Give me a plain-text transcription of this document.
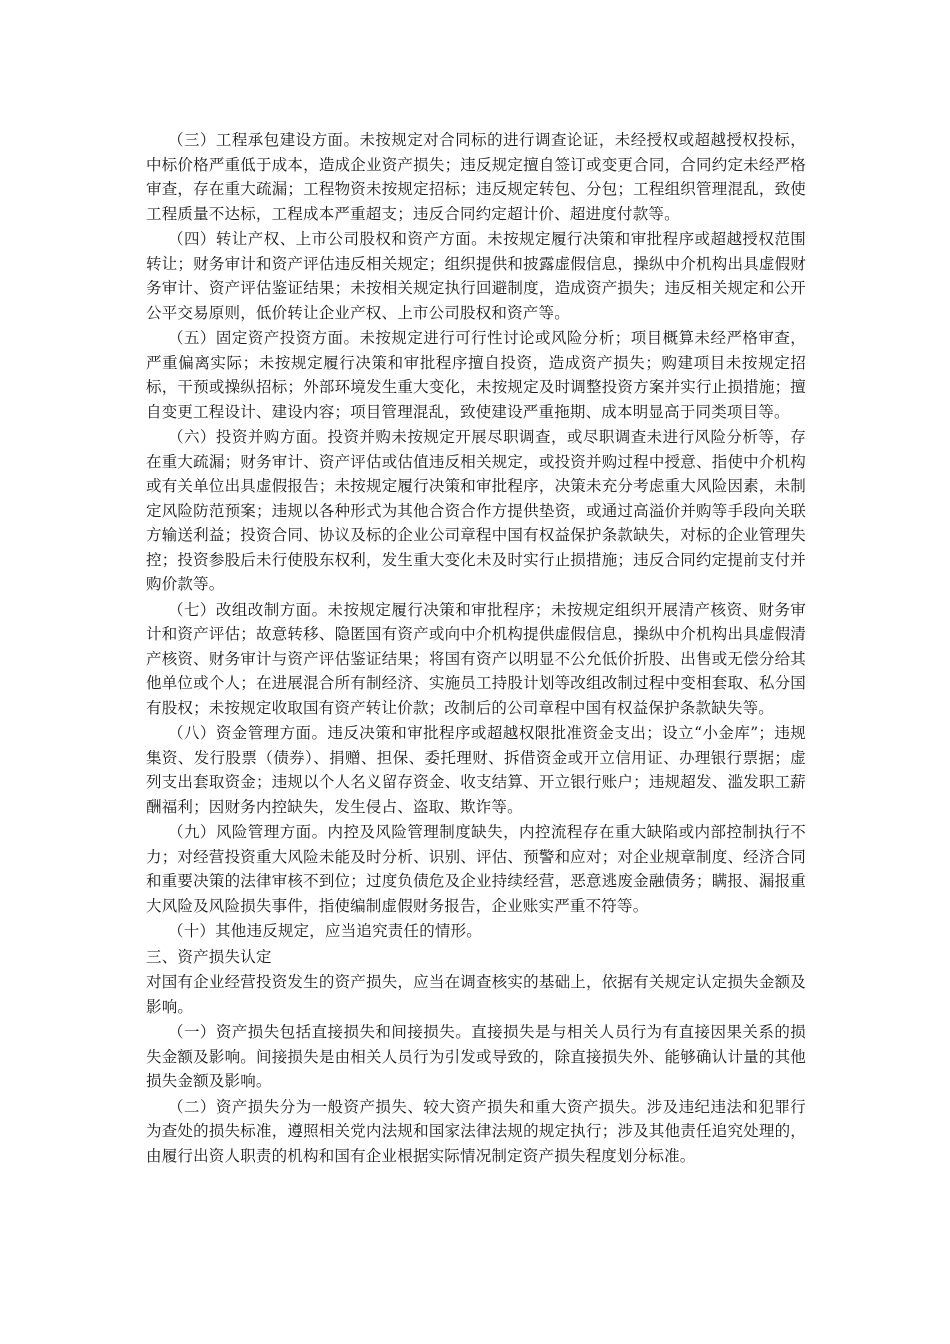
（三）工程承包建设方面。未按规定对合同标的进行调查论证，未经授权或超越授权投标，中标价格严重低于成本，造成企业资产损失；违反规定擅自签订或变更合同，合同约定未经严格审查，存在重大疏漏；工程物资未按规定招标；违反规定转包、分包；工程组织管理混乱，致使工程质量不达标，工程成本严重超支；违反合同约定超计价、超进度付款等。

（四）转让产权、上市公司股权和资产方面。未按规定履行决策和审批程序或超越授权范围转让；财务审计和资产评估违反相关规定；组织提供和披露虚假信息，操纵中介机构出具虚假财务审计、资产评估鉴证结果；未按相关规定执行回避制度，造成资产损失；违反相关规定和公开公平交易原则，低价转让企业产权、上市公司股权和资产等。

（五）固定资产投资方面。未按规定进行可行性讨论或风险分析；项目概算未经严格审查，严重偏离实际；未按规定履行决策和审批程序擅自投资，造成资产损失；购建项目未按规定招标，干预或操纵招标；外部环境发生重大变化，未按规定及时调整投资方案并实行止损措施；擅自变更工程设计、建设内容；项目管理混乱，致使建设严重拖期、成本明显高于同类项目等。

（六）投资并购方面。投资并购未按规定开展尽职调查，或尽职调查未进行风险分析等，存在重大疏漏；财务审计、资产评估或估值违反相关规定，或投资并购过程中授意、指使中介机构或有关单位出具虚假报告；未按规定履行决策和审批程序，决策未充分考虑重大风险因素，未制定风险防范预案；违规以各种形式为其他合资合作方提供垫资，或通过高溢价并购等手段向关联方输送利益；投资合同、协议及标的企业公司章程中国有权益保护条款缺失，对标的企业管理失控；投资参股后未行使股东权利，发生重大变化未及时实行止损措施；违反合同约定提前支付并购价款等。

（七）改组改制方面。未按规定履行决策和审批程序；未按规定组织开展清产核资、财务审计和资产评估；故意转移、隐匿国有资产或向中介机构提供虚假信息，操纵中介机构出具虚假清产核资、财务审计与资产评估鉴证结果；将国有资产以明显不公允低价折股、出售或无偿分给其他单位或个人；在进展混合所有制经济、实施员工持股计划等改组改制过程中变相套取、私分国有股权；未按规定收取国有资产转让价款；改制后的公司章程中国有权益保护条款缺失等。

（八）资金管理方面。违反决策和审批程序或超越权限批准资金支出；设立“小金库”；违规集资、发行股票（债券）、捐赠、担保、委托理财、拆借资金或开立信用证、办理银行票据；虚列支出套取资金；违规以个人名义留存资金、收支结算、开立银行账户；违规超发、滥发职工薪酬福利；因财务内控缺失，发生侵占、盗取、欺诈等。

（九）风险管理方面。内控及风险管理制度缺失，内控流程存在重大缺陷或内部控制执行不力；对经营投资重大风险未能及时分析、识别、评估、预警和应对；对企业规章制度、经济合同和重要决策的法律审核不到位；过度负债危及企业持续经营，恶意逃废金融债务；瞒报、漏报重大风险及风险损失事件，指使编制虚假财务报告，企业账实严重不符等。

（十）其他违反规定，应当追究责任的情形。

三、资产损失认定

对国有企业经营投资发生的资产损失，应当在调查核实的基础上，依据有关规定认定损失金额及影响。

（一）资产损失包括直接损失和间接损失。直接损失是与相关人员行为有直接因果关系的损失金额及影响。间接损失是由相关人员行为引发或导致的，除直接损失外、能够确认计量的其他损失金额及影响。

（二）资产损失分为一般资产损失、较大资产损失和重大资产损失。涉及违纪违法和犯罪行为查处的损失标准，遵照相关党内法规和国家法律法规的规定执行；涉及其他责任追究处理的，由履行出资人职责的机构和国有企业根据实际情况制定资产损失程度划分标准。
